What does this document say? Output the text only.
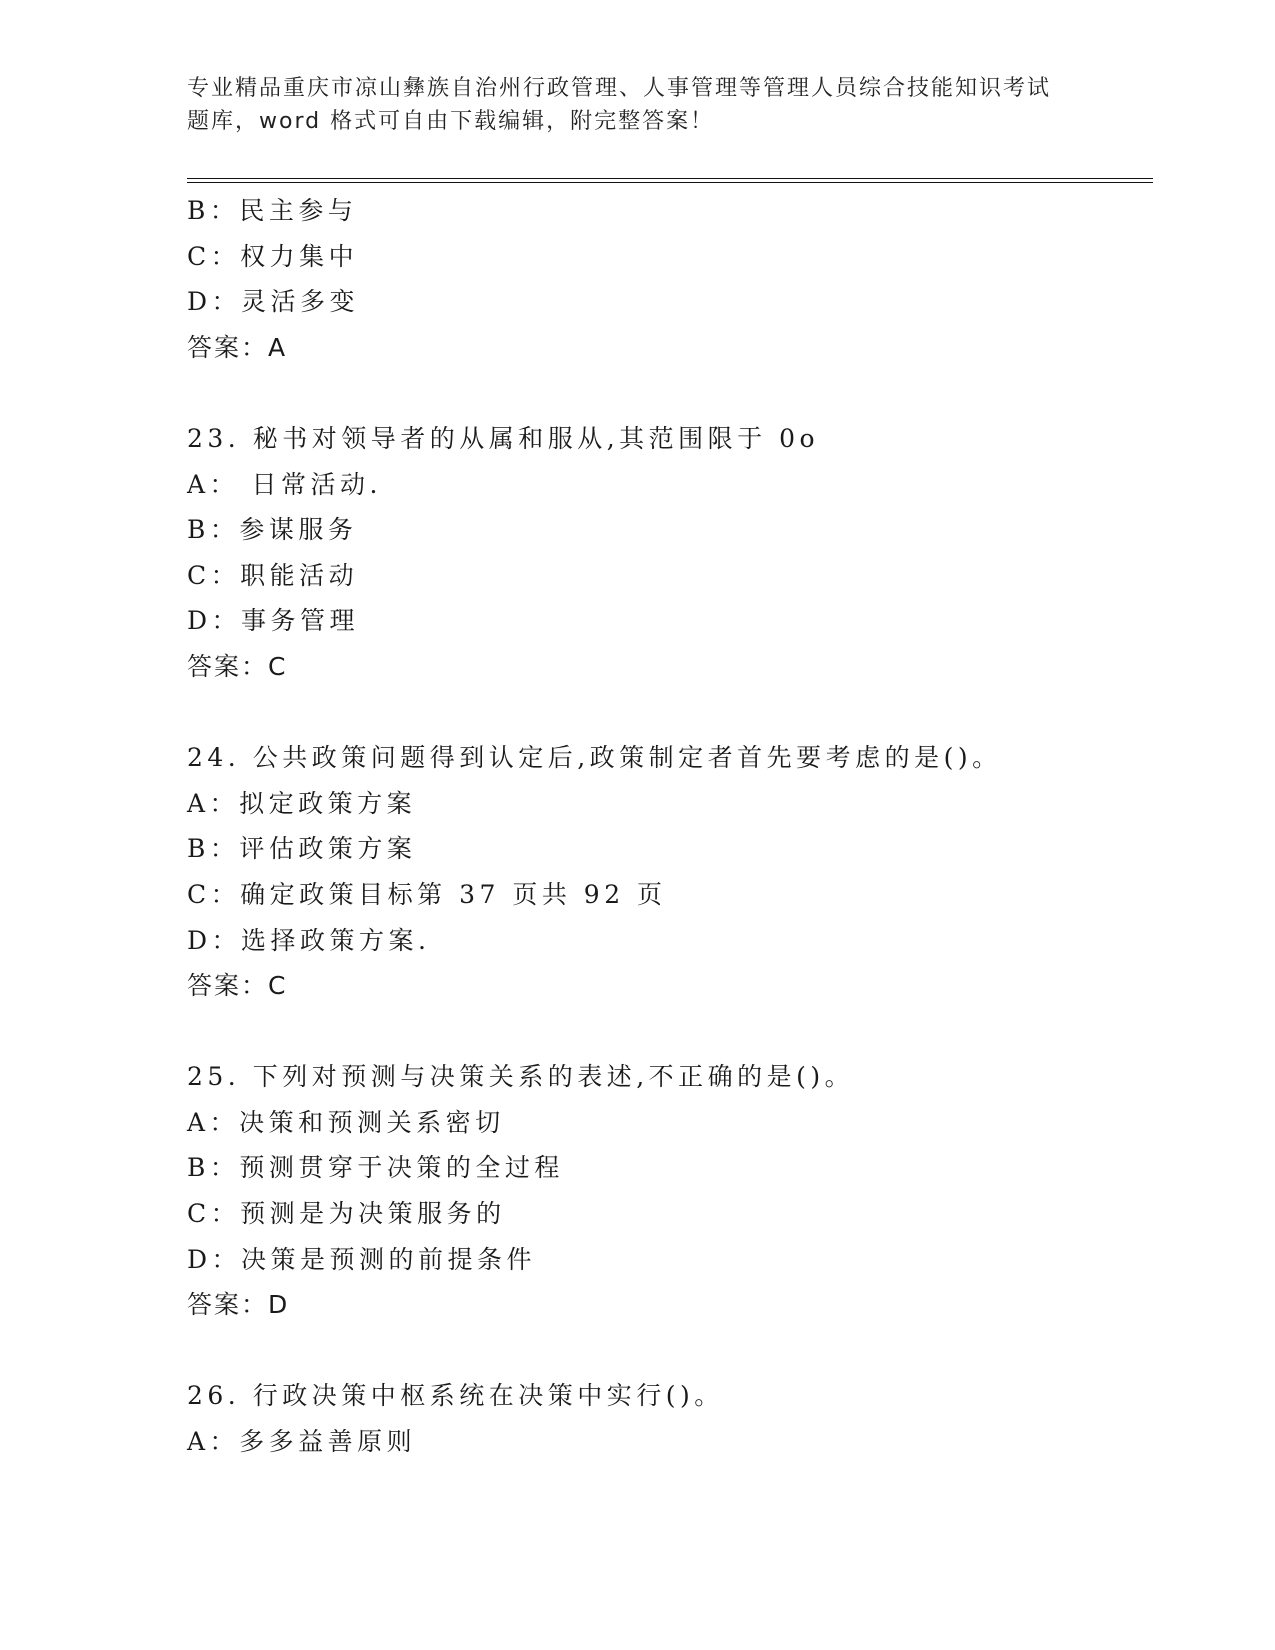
专业精品重庆市凉山彝族自治州行政管理、人事管理等管理人员综合技能知识考试
题库，word 格式可自由下载编辑，附完整答案！
B：民主参与
C：权力集中
D：灵活多变
答案：A
23. 秘书对领导者的从属和服从,其范围限于 0o
A： 日常活动.
B：参谋服务
C：职能活动
D：事务管理
答案：C
24. 公共政策问题得到认定后,政策制定者首先要考虑的是()。
A：拟定政策方案
B：评估政策方案
C：确定政策目标第 37 页共 92 页
D：选择政策方案.
答案：C
25. 下列对预测与决策关系的表述,不正确的是()。
A：决策和预测关系密切
B：预测贯穿于决策的全过程
C：预测是为决策服务的
D：决策是预测的前提条件
答案：D
26. 行政决策中枢系统在决策中实行()。
A：多多益善原则
